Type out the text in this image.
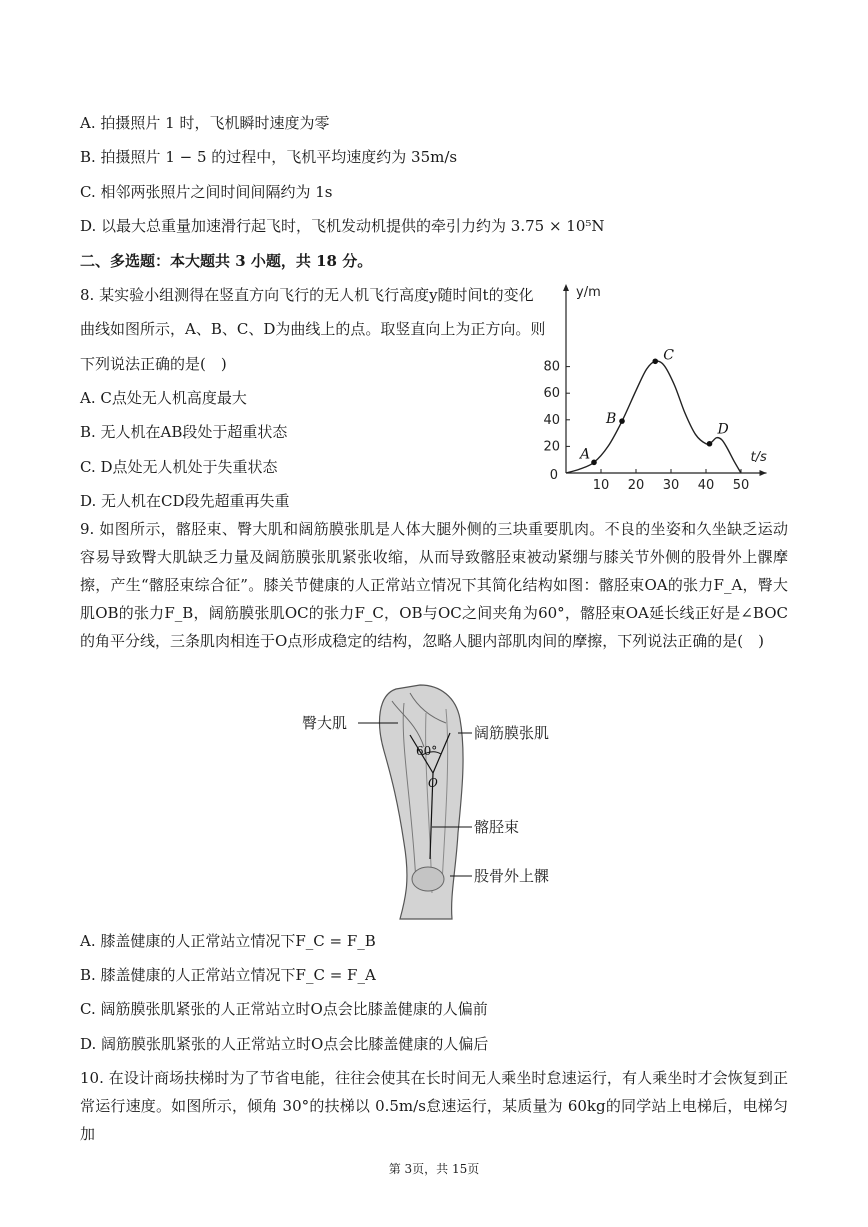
A. 拍摄照片 1 时，飞机瞬时速度为零
B. 拍摄照片 1 − 5 的过程中，飞机平均速度约为 35m/s
C. 相邻两张照片之间时间间隔约为 1s
D. 以最大总重量加速滑行起飞时，飞机发动机提供的牵引力约为 3.75 × 10⁵N
二、多选题：本大题共 3 小题，共 18 分。
8. 某实验小组测得在竖直方向飞行的无人机飞行高度y随时间t的变化
曲线如图所示，A、B、C、D为曲线上的点。取竖直向上为正方向。则
下列说法正确的是(　)
A. C点处无人机高度最大
B. 无人机在AB段处于超重状态
C. D点处无人机处于失重状态
D. 无人机在CD段先超重再失重
10 20 30 40 50
20
40
60
80
0
y/m
t/s
A
B
C
D
9. 如图所示，髂胫束、臀大肌和阔筋膜张肌是人体大腿外侧的三块重要肌肉。不良的坐姿和久坐缺乏运动容易导致臀大肌缺乏力量及阔筋膜张肌紧张收缩，从而导致髂胫束被动紧绷与膝关节外侧的股骨外上髁摩擦，产生“髂胫束综合征”。膝关节健康的人正常站立情况下其简化结构如图：髂胫束OA的张力F_A，臀大肌OB的张力F_B，阔筋膜张肌OC的张力F_C，OB与OC之间夹角为60°，髂胫束OA延长线正好是∠BOC的角平分线，三条肌肉相连于O点形成稳定的结构，忽略人腿内部肌肉间的摩擦，下列说法正确的是(　)
60°
O
臀大肌
阔筋膜张肌
髂胫束
股骨外上髁
A. 膝盖健康的人正常站立情况下F_C = F_B
B. 膝盖健康的人正常站立情况下F_C = F_A
C. 阔筋膜张肌紧张的人正常站立时O点会比膝盖健康的人偏前
D. 阔筋膜张肌紧张的人正常站立时O点会比膝盖健康的人偏后
10. 在设计商场扶梯时为了节省电能，往往会使其在长时间无人乘坐时怠速运行，有人乘坐时才会恢复到正常运行速度。如图所示，倾角 30°的扶梯以 0.5m/s怠速运行，某质量为 60kg的同学站上电梯后，电梯匀加
第 3页，共 15页
